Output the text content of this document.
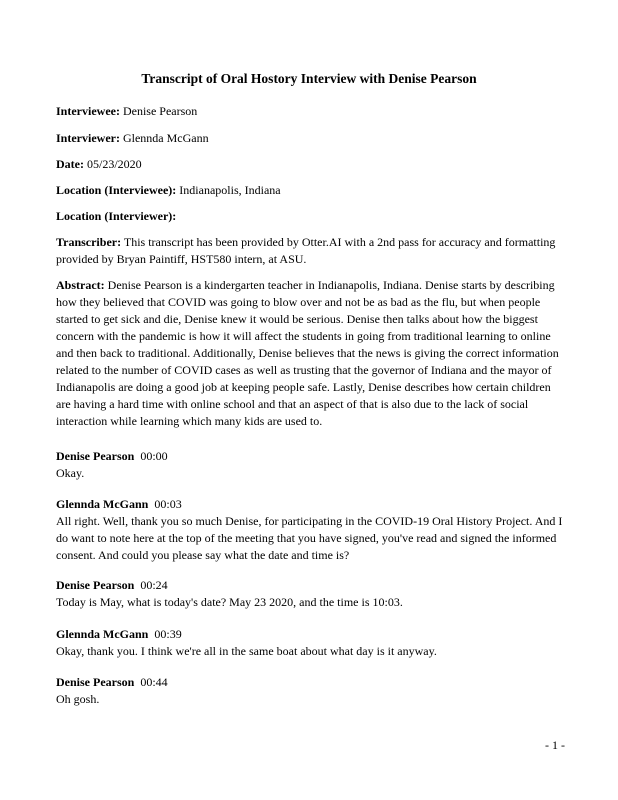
Transcript of Oral Hostory Interview with Denise Pearson
Interviewee: Denise Pearson
Interviewer: Glennda McGann
Date: 05/23/2020
Location (Interviewee): Indianapolis, Indiana
Location (Interviewer):
Transcriber: This transcript has been provided by Otter.AI with a 2nd pass for accuracy and formatting provided by Bryan Paintiff, HST580 intern, at ASU.
Abstract: Denise Pearson is a kindergarten teacher in Indianapolis, Indiana. Denise starts by describing how they believed that COVID was going to blow over and not be as bad as the flu, but when people started to get sick and die, Denise knew it would be serious. Denise then talks about how the biggest concern with the pandemic is how it will affect the students in going from traditional learning to online and then back to traditional. Additionally, Denise believes that the news is giving the correct information related to the number of COVID cases as well as trusting that the governor of Indiana and the mayor of Indianapolis are doing a good job at keeping people safe. Lastly, Denise describes how certain children are having a hard time with online school and that an aspect of that is also due to the lack of social interaction while learning which many kids are used to.
Denise Pearson 00:00
Okay.
Glennda McGann 00:03
All right. Well, thank you so much Denise, for participating in the COVID-19 Oral History Project. And I do want to note here at the top of the meeting that you have signed, you've read and signed the informed consent. And could you please say what the date and time is?
Denise Pearson 00:24
Today is May, what is today's date? May 23 2020, and the time is 10:03.
Glennda McGann 00:39
Okay, thank you. I think we're all in the same boat about what day is it anyway.
Denise Pearson 00:44
Oh gosh.
- 1 -
